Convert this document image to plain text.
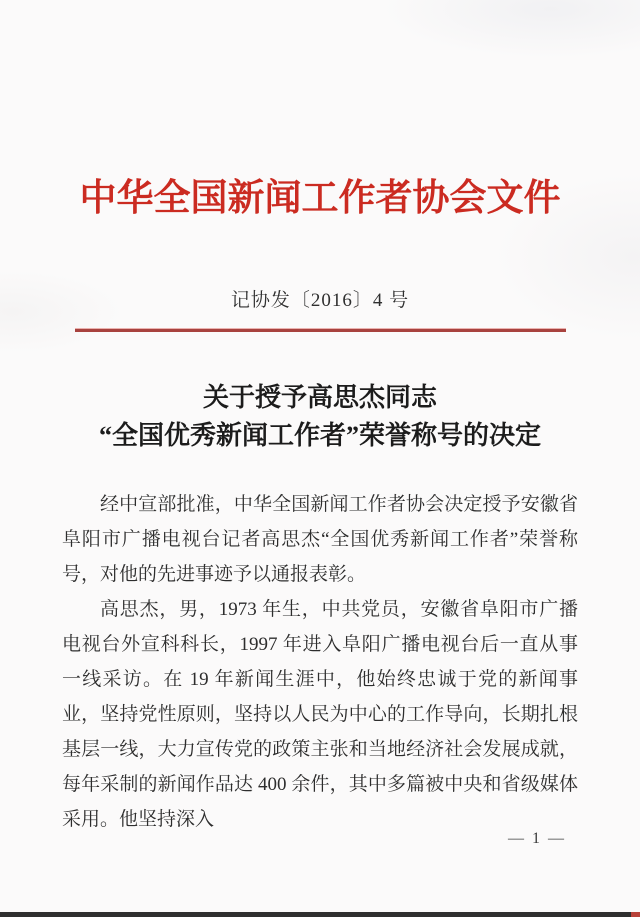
中华全国新闻工作者协会文件
记协发〔2016〕4 号
关于授予高思杰同志
“全国优秀新闻工作者”荣誉称号的决定

经中宣部批准，中华全国新闻工作者协会决定授予安徽省阜阳市广播电视台记者高思杰“全国优秀新闻工作者”荣誉称号，对他的先进事迹予以通报表彰。

高思杰，男，1973 年生，中共党员，安徽省阜阳市广播电视台外宣科科长，1997 年进入阜阳广播电视台后一直从事一线采访。在 19 年新闻生涯中，他始终忠诚于党的新闻事业，坚持党性原则，坚持以人民为中心的工作导向，长期扎根基层一线，大力宣传党的政策主张和当地经济社会发展成就，每年采制的新闻作品达 400 余件，其中多篇被中央和省级媒体采用。他坚持深入

— 1 —
